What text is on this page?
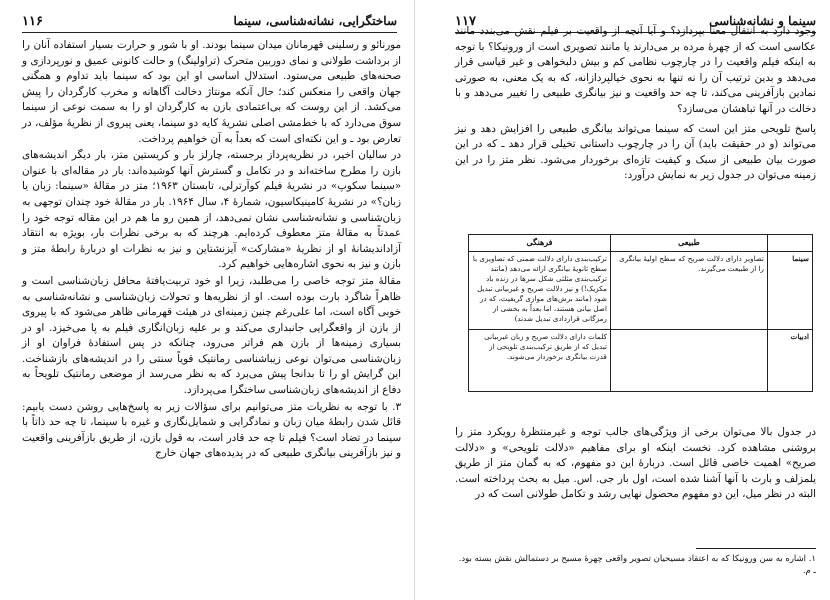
ساختگرایی، نشانه‌شناسی، سینما
۱۱۶

مورنائو و رسلینی قهرمانان میدان سینما بودند. او با شور و حرارت بسیار استفاده آنان را از برداشت طولانی و نمای دوربین متحرک (تراولینگ) و حالت کانونی عمیق و نورپردازی و صحنه‌های طبیعی می‌ستود. استدلال اساسی او این بود که سینما باید تداوم و همگنی جهان واقعی را منعکس کند؛ حال آنکه مونتاژ دخالت آگاهانه و مخرب کارگردان را پیش می‌کشد. از این روست که بی‌اعتمادی بازن به کارگردان او را به سمت نوعی از سینما سوق می‌دارد که با خط‌مشی اصلی نشریهٔ کایه دو سینما، یعنی پیروی از نظریهٔ مؤلف، در تعارض بود ـ و این نکته‌ای است که بعداً به آن خواهیم پرداخت.

در سالیان اخیر، در نظریه‌پرداز برجسته، چارلز بار و کریستین متز، بار دیگر اندیشه‌های بازن را مطرح ساخته‌اند و در تکامل و گسترش آنها کوشیده‌اند: بار در مقاله‌ای با عنوان «سینما سکوپ» در نشریهٔ فیلم کوآرترلی، تابستان ۱۹۶۳؛ متز در مقالهٔ «سینما: زبان یا زبان؟» در نشریهٔ کامینیکاسیون، شمارهٔ ۴، سال ۱۹۶۴. بار در مقالهٔ خود چندان توجهی به زبان‌شناسی و نشانه‌شناسی نشان نمی‌دهد، از همین رو ما هم در این مقاله توجه خود را عمدتاً به مقالهٔ متز معطوف کرده‌ایم. هرچند که به برخی نظرات بار، بویژه به انتقاد آزاداندیشانهٔ او از نظریهٔ «مشارکت» آیزنشتاین و نیز به نظرات او دربارهٔ رابطهٔ متز و بازن و نیز به نحوی اشاره‌هایی خواهیم کرد.

مقالهٔ متز توجه خاصی را می‌طلبد، زیرا او خود تربیت‌یافتهٔ محافل زبان‌شناسی است و ظاهراً شاگرد بارت بوده است. او از نظریه‌ها و تحولات زبان‌شناسی و نشانه‌شناسی به خوبی آگاه است، اما علی‌رغم چنین زمینه‌ای در هیئت قهرمانی ظاهر می‌شود که با پیروی از بازن از واقعگرایی جانبداری می‌کند و بر علیه زبان‌انگاری فیلم به پا می‌خیزد. او در بسیاری زمینه‌ها از بازن هم فراتر می‌رود، چنانکه در پس استفادهٔ فراوان او از زبان‌شناسی می‌توان نوعی زیباشناسی رمانتیک قویاً سنتی را در اندیشه‌های بازشناخت. این گرایش او را تا بدانجا پیش می‌برد که به نظر می‌رسد از موضعی رمانتیک تلویحاً به دفاع از اندیشه‌های زبان‌شناسی ساختگرا می‌پردازد.

۳. با توجه به نظریات متز می‌توانیم برای سؤالات زیر به پاسخ‌هایی روشن دست یابیم: قائل شدن رابطهٔ میان زبان و نمادگرایی و شمایل‌نگاری و غیره با سینما، تا چه حد ذاتاً با سینما در تضاد است؟ فیلم تا چه حد قادر است، به قول بازن، از طریق بازآفرینی واقعیت و نیز بازآفرینی بیانگری طبیعی که در پدیده‌های جهان خارج

سینما و نشانه‌شناسی
۱۱۷

وجود دارد به انتقال معنا بپردازد؟ و آیا آنچه از واقعیت بر فیلم نقش می‌بندد مانند عکاسی است که از چهرهٔ مرده بر می‌دارند یا مانند تصویری است از ورونیکا؟ با توجه به اینکه فیلم واقعیت را در چارچوب نظامی کم و بیش دلبخواهی و غیر قیاسی قرار می‌دهد و بدین ترتیب آن را نه تنها به نحوی خیالپردازانه، که به یک معنی، به صورتی نمادین بازآفرینی می‌کند، تا چه حد واقعیت و نیز بیانگری طبیعی را تغییر می‌دهد و با دخالت در آنها تباهشان می‌سازد؟

پاسخ تلویحی متز این است که سینما می‌تواند بیانگری طبیعی را افزایش دهد و نیز می‌تواند (و در حقیقت باید) آن را در چارچوب داستانی تخیلی قرار دهد ـ که در این صورت بیان طبیعی از سبک و کیفیت تازه‌ای برخوردار می‌شود. نظر متز را در این زمینه می‌توان در جدول زیر به نمایش درآورد:

	طبیعی	فرهنگی
سینما	تصاویر دارای دلالت صریح که سطح اولیهٔ بیانگری را از طبیعت می‌گیرند.	ترکیب‌بندی دارای دلالت ضمنی که تصاویری با سطح ثانویهٔ بیانگری ارائه می‌دهد (مانند ترکیب‌بندی مثلثی شکل سرها در زنده باد مکزیک!) و نیز دلالت صریح و غیربیانی تبدیل شود (مانند برش‌های موازی گریفیث، که در اصل بیانی هستند، اما بعداً به بخشی از رمزگانی قراردادی تبدیل شدند)
ادبیات		کلمات دارای دلالت صریح و زبان غیربیانی تبدیل که از طریق ترکیب‌بندی تلویحی از قدرت بیانگری برخوردار می‌شوند.
در جدول بالا می‌توان برخی از ویژگی‌های جالب توجه و غیرمنتظرهٔ رویکرد متز را بروشنی مشاهده کرد. نخست اینکه او برای مفاهیم «دلالت تلویحی» و «دلالت صریح» اهمیت خاصی قائل است. دربارهٔ این دو مفهوم، که به گمان متز از طریق یلمزلف و بارت با آنها آشنا شده است، اول بار جی. اس. میل به بحث پرداخته است. البته در نظر میل، این دو مفهوم محصول نهایی رشد و تکامل طولانی است که در
۱. اشاره به سن ورونیکا که به اعتقاد مسیحیان تصویر واقعی چهرهٔ مسیح بر دستمالش نقش بسته بود. ـ م.
